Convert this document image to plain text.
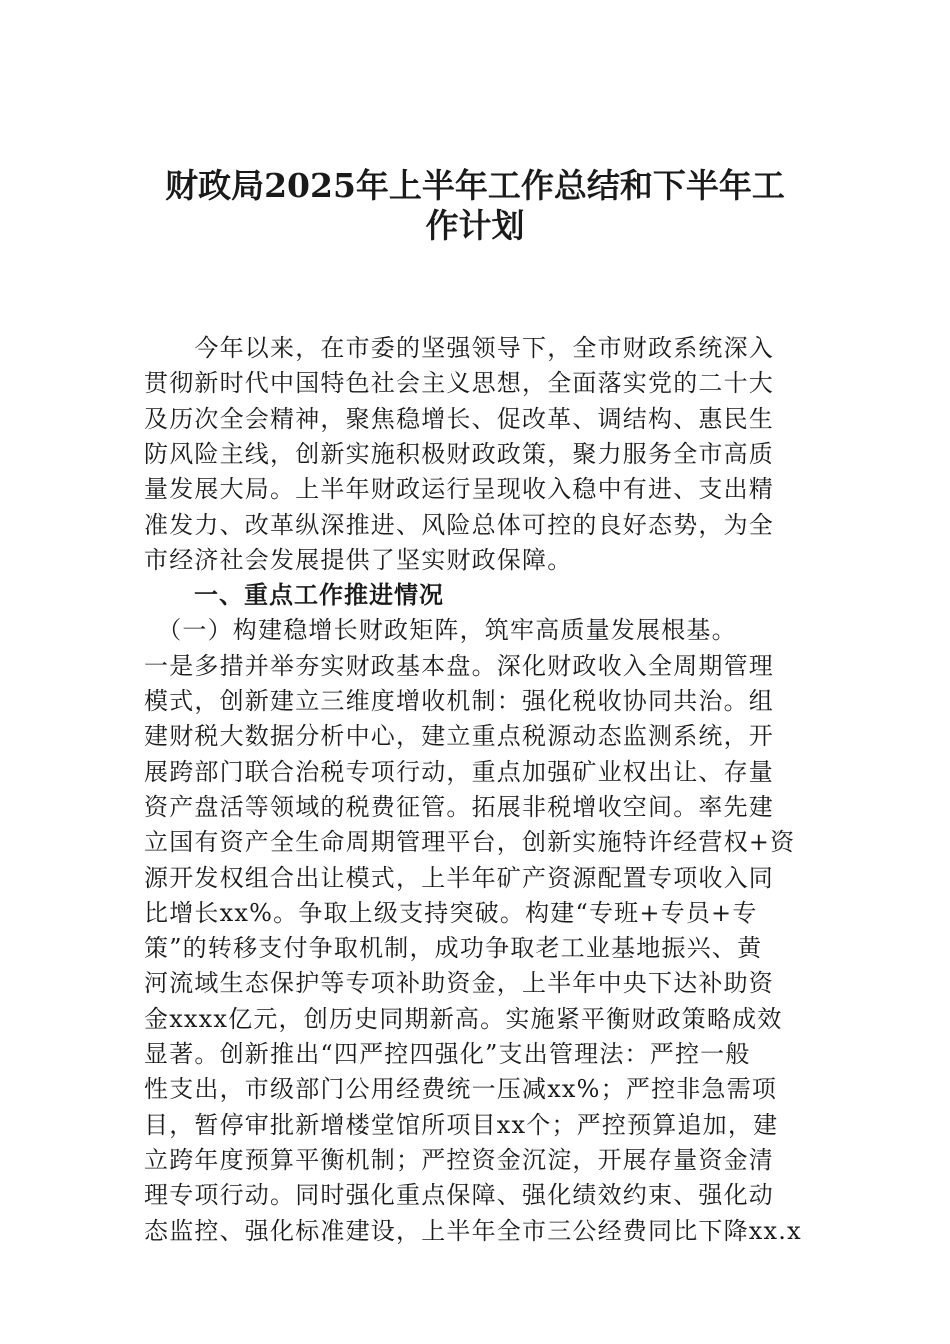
财政局2025年上半年工作总结和下半年工
作计划
　　今年以来，在市委的坚强领导下，全市财政系统深入
贯彻新时代中国特色社会主义思想，全面落实党的二十大
及历次全会精神，聚焦稳增长、促改革、调结构、惠民生
防风险主线，创新实施积极财政政策，聚力服务全市高质
量发展大局。上半年财政运行呈现收入稳中有进、支出精
准发力、改革纵深推进、风险总体可控的良好态势，为全
市经济社会发展提供了坚实财政保障。
　　一、重点工作推进情况
　（一）构建稳增长财政矩阵，筑牢高质量发展根基。
一是多措并举夯实财政基本盘。深化财政收入全周期管理
模式，创新建立三维度增收机制：强化税收协同共治。组
建财税大数据分析中心，建立重点税源动态监测系统，开
展跨部门联合治税专项行动，重点加强矿业权出让、存量
资产盘活等领域的税费征管。拓展非税增收空间。率先建
立国有资产全生命周期管理平台，创新实施特许经营权+资
源开发权组合出让模式，上半年矿产资源配置专项收入同
比增长xx%。争取上级支持突破。构建“专班+专员+专
策”的转移支付争取机制，成功争取老工业基地振兴、黄
河流域生态保护等专项补助资金，上半年中央下达补助资
金xxxx亿元，创历史同期新高。实施紧平衡财政策略成效
显著。创新推出“四严控四强化”支出管理法：严控一般
性支出，市级部门公用经费统一压减xx%；严控非急需项
目，暂停审批新增楼堂馆所项目xx个；严控预算追加，建
立跨年度预算平衡机制；严控资金沉淀，开展存量资金清
理专项行动。同时强化重点保障、强化绩效约束、强化动
态监控、强化标准建设，上半年全市三公经费同比下降xx.x
